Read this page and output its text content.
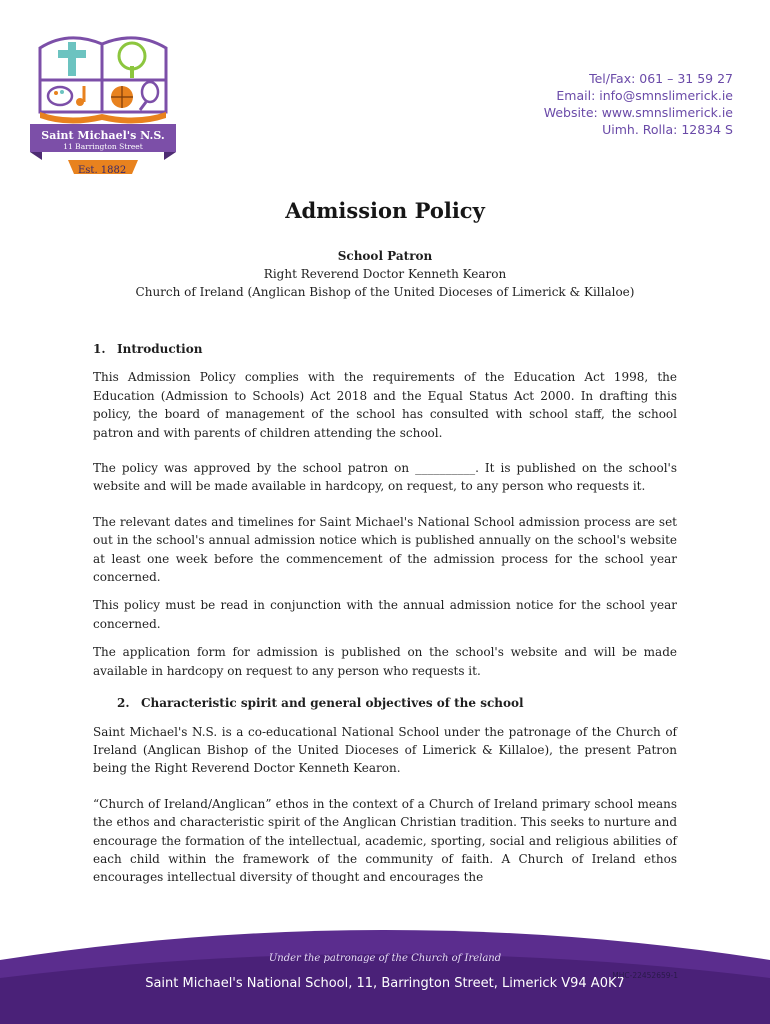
Saint Michael's N.S.
11 Barrington Street
Est. 1882
Tel/Fax: 061 – 31 59 27
Email: info@smnslimerick.ie
Website: www.smnslimerick.ie
Uimh. Rolla: 12834 S
Admission Policy
School Patron
Right Reverend Doctor Kenneth Kearon
Church of Ireland (Anglican Bishop of the United Dioceses of Limerick & Killaloe)
1. Introduction

This Admission Policy complies with the requirements of the Education Act 1998, the Education (Admission to Schools) Act 2018 and the Equal Status Act 2000. In drafting this policy, the board of management of the school has consulted with school staff, the school patron and with parents of children attending the school.

The policy was approved by the school patron on __________. It is published on the school's website and will be made available in hardcopy, on request, to any person who requests it.

The relevant dates and timelines for Saint Michael's National School admission process are set out in the school's annual admission notice which is published annually on the school's website at least one week before the commencement of the admission process for the school year concerned.

This policy must be read in conjunction with the annual admission notice for the school year concerned.

The application form for admission is published on the school's website and will be made available in hardcopy on request to any person who requests it.

2. Characteristic spirit and general objectives of the school

Saint Michael's N.S. is a co-educational National School under the patronage of the Church of Ireland (Anglican Bishop of the United Dioceses of Limerick & Killaloe), the present Patron being the Right Reverend Doctor Kenneth Kearon.

“Church of Ireland/Anglican” ethos in the context of a Church of Ireland primary school means the ethos and characteristic spirit of the Anglican Christian tradition. This seeks to nurture and encourage the formation of the intellectual, academic, sporting, social and religious abilities of each child within the framework of the community of faith. A Church of Ireland ethos encourages intellectual diversity of thought and encourages the

Under the patronage of the Church of Ireland
Saint Michael's National School, 11, Barrington Street, Limerick V94 A0K7
MHC-22452659-1
